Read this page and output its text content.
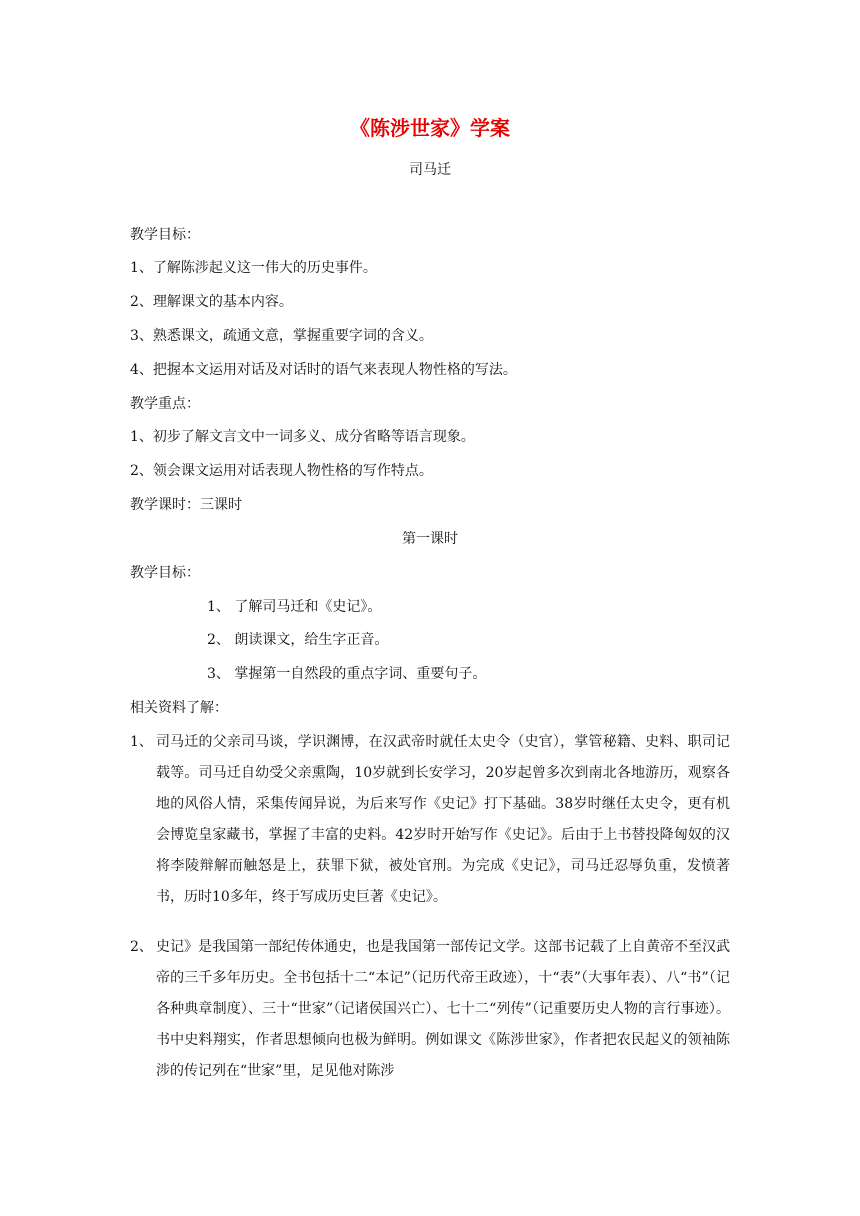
《陈涉世家》学案
司马迁
教学目标：
1、了解陈涉起义这一伟大的历史事件。
2、理解课文的基本内容。
3、熟悉课文，疏通文意，掌握重要字词的含义。
4、把握本文运用对话及对话时的语气来表现人物性格的写法。
教学重点：
1、初步了解文言文中一词多义、成分省略等语言现象。
2、领会课文运用对话表现人物性格的写作特点。
教学课时：三课时
第一课时
教学目标：
1、 了解司马迁和《史记》。
2、 朗读课文，给生字正音。
3、 掌握第一自然段的重点字词、重要句子。
相关资料了解：
1、 司马迁的父亲司马谈，学识渊博，在汉武帝时就任太史令（史官），掌管秘籍、史料、职司记载等。司马迁自幼受父亲熏陶，10岁就到长安学习，20岁起曾多次到南北各地游历，观察各地的风俗人情，采集传闻异说，为后来写作《史记》打下基础。38岁时继任太史令，更有机会博览皇家藏书，掌握了丰富的史料。42岁时开始写作《史记》。后由于上书替投降匈奴的汉将李陵辩解而触怒是上，获罪下狱，被处官刑。为完成《史记》，司马迁忍辱负重，发愤著书，历时10多年，终于写成历史巨著《史记》。
2、 史记》是我国第一部纪传体通史，也是我国第一部传记文学。这部书记载了上自黄帝不至汉武帝的三千多年历史。全书包括十二“本记”（记历代帝王政迹），十“表”（大事年表）、八“书”（记各种典章制度）、三十“世家”（记诸侯国兴亡）、七十二“列传”（记重要历史人物的言行事迹）。书中史料翔实，作者思想倾向也极为鲜明。例如课文《陈涉世家》，作者把农民起义的领袖陈涉的传记列在“世家”里，足见他对陈涉
